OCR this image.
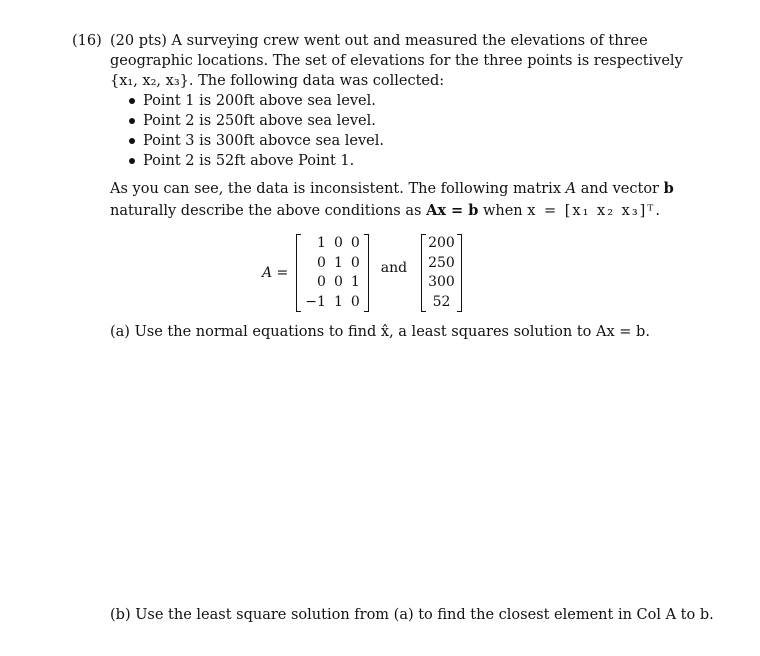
(16) (20 pts) A surveying crew went out and measured the elevations of three geographic locations. The set of elevations for the three points is respectively {x₁, x₂, x₃}. The following data was collected:
Point 1 is 200ft above sea level.
Point 2 is 250ft above sea level.
Point 3 is 300ft abovce sea level.
Point 2 is 52ft above Point 1.
As you can see, the data is inconsistent. The following matrix A and vector b naturally describe the above conditions as Ax = b when x = [x₁ x₂ x₃]ᵀ.
A =
1	0	0
0	1	0
0	0	1
−1	1	0
and
200
250
300
52
(a) Use the normal equations to find x̂, a least squares solution to Ax = b.
(b) Use the least square solution from (a) to find the closest element in Col A to b.
